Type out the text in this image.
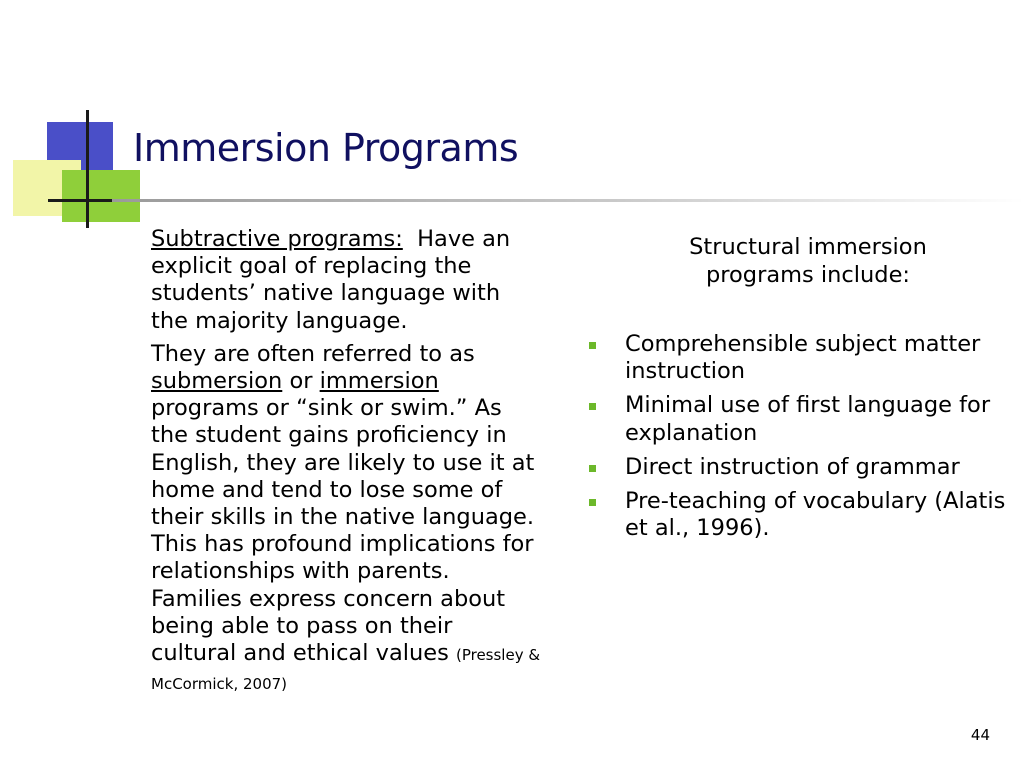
Immersion Programs

Subtractive programs: Have an explicit goal of replacing the students’ native language with the majority language.

They are often referred to as submersion or immersion programs or “sink or swim.” As the student gains proficiency in English, they are likely to use it at home and tend to lose some of their skills in the native language. This has profound implications for relationships with parents. Families express concern about being able to pass on their cultural and ethical values (Pressley & McCormick, 2007)

Structural immersion programs include:
Comprehensible subject matter instruction
Minimal use of first language for explanation
Direct instruction of grammar
Pre-teaching of vocabulary (Alatis et al., 1996).
44
